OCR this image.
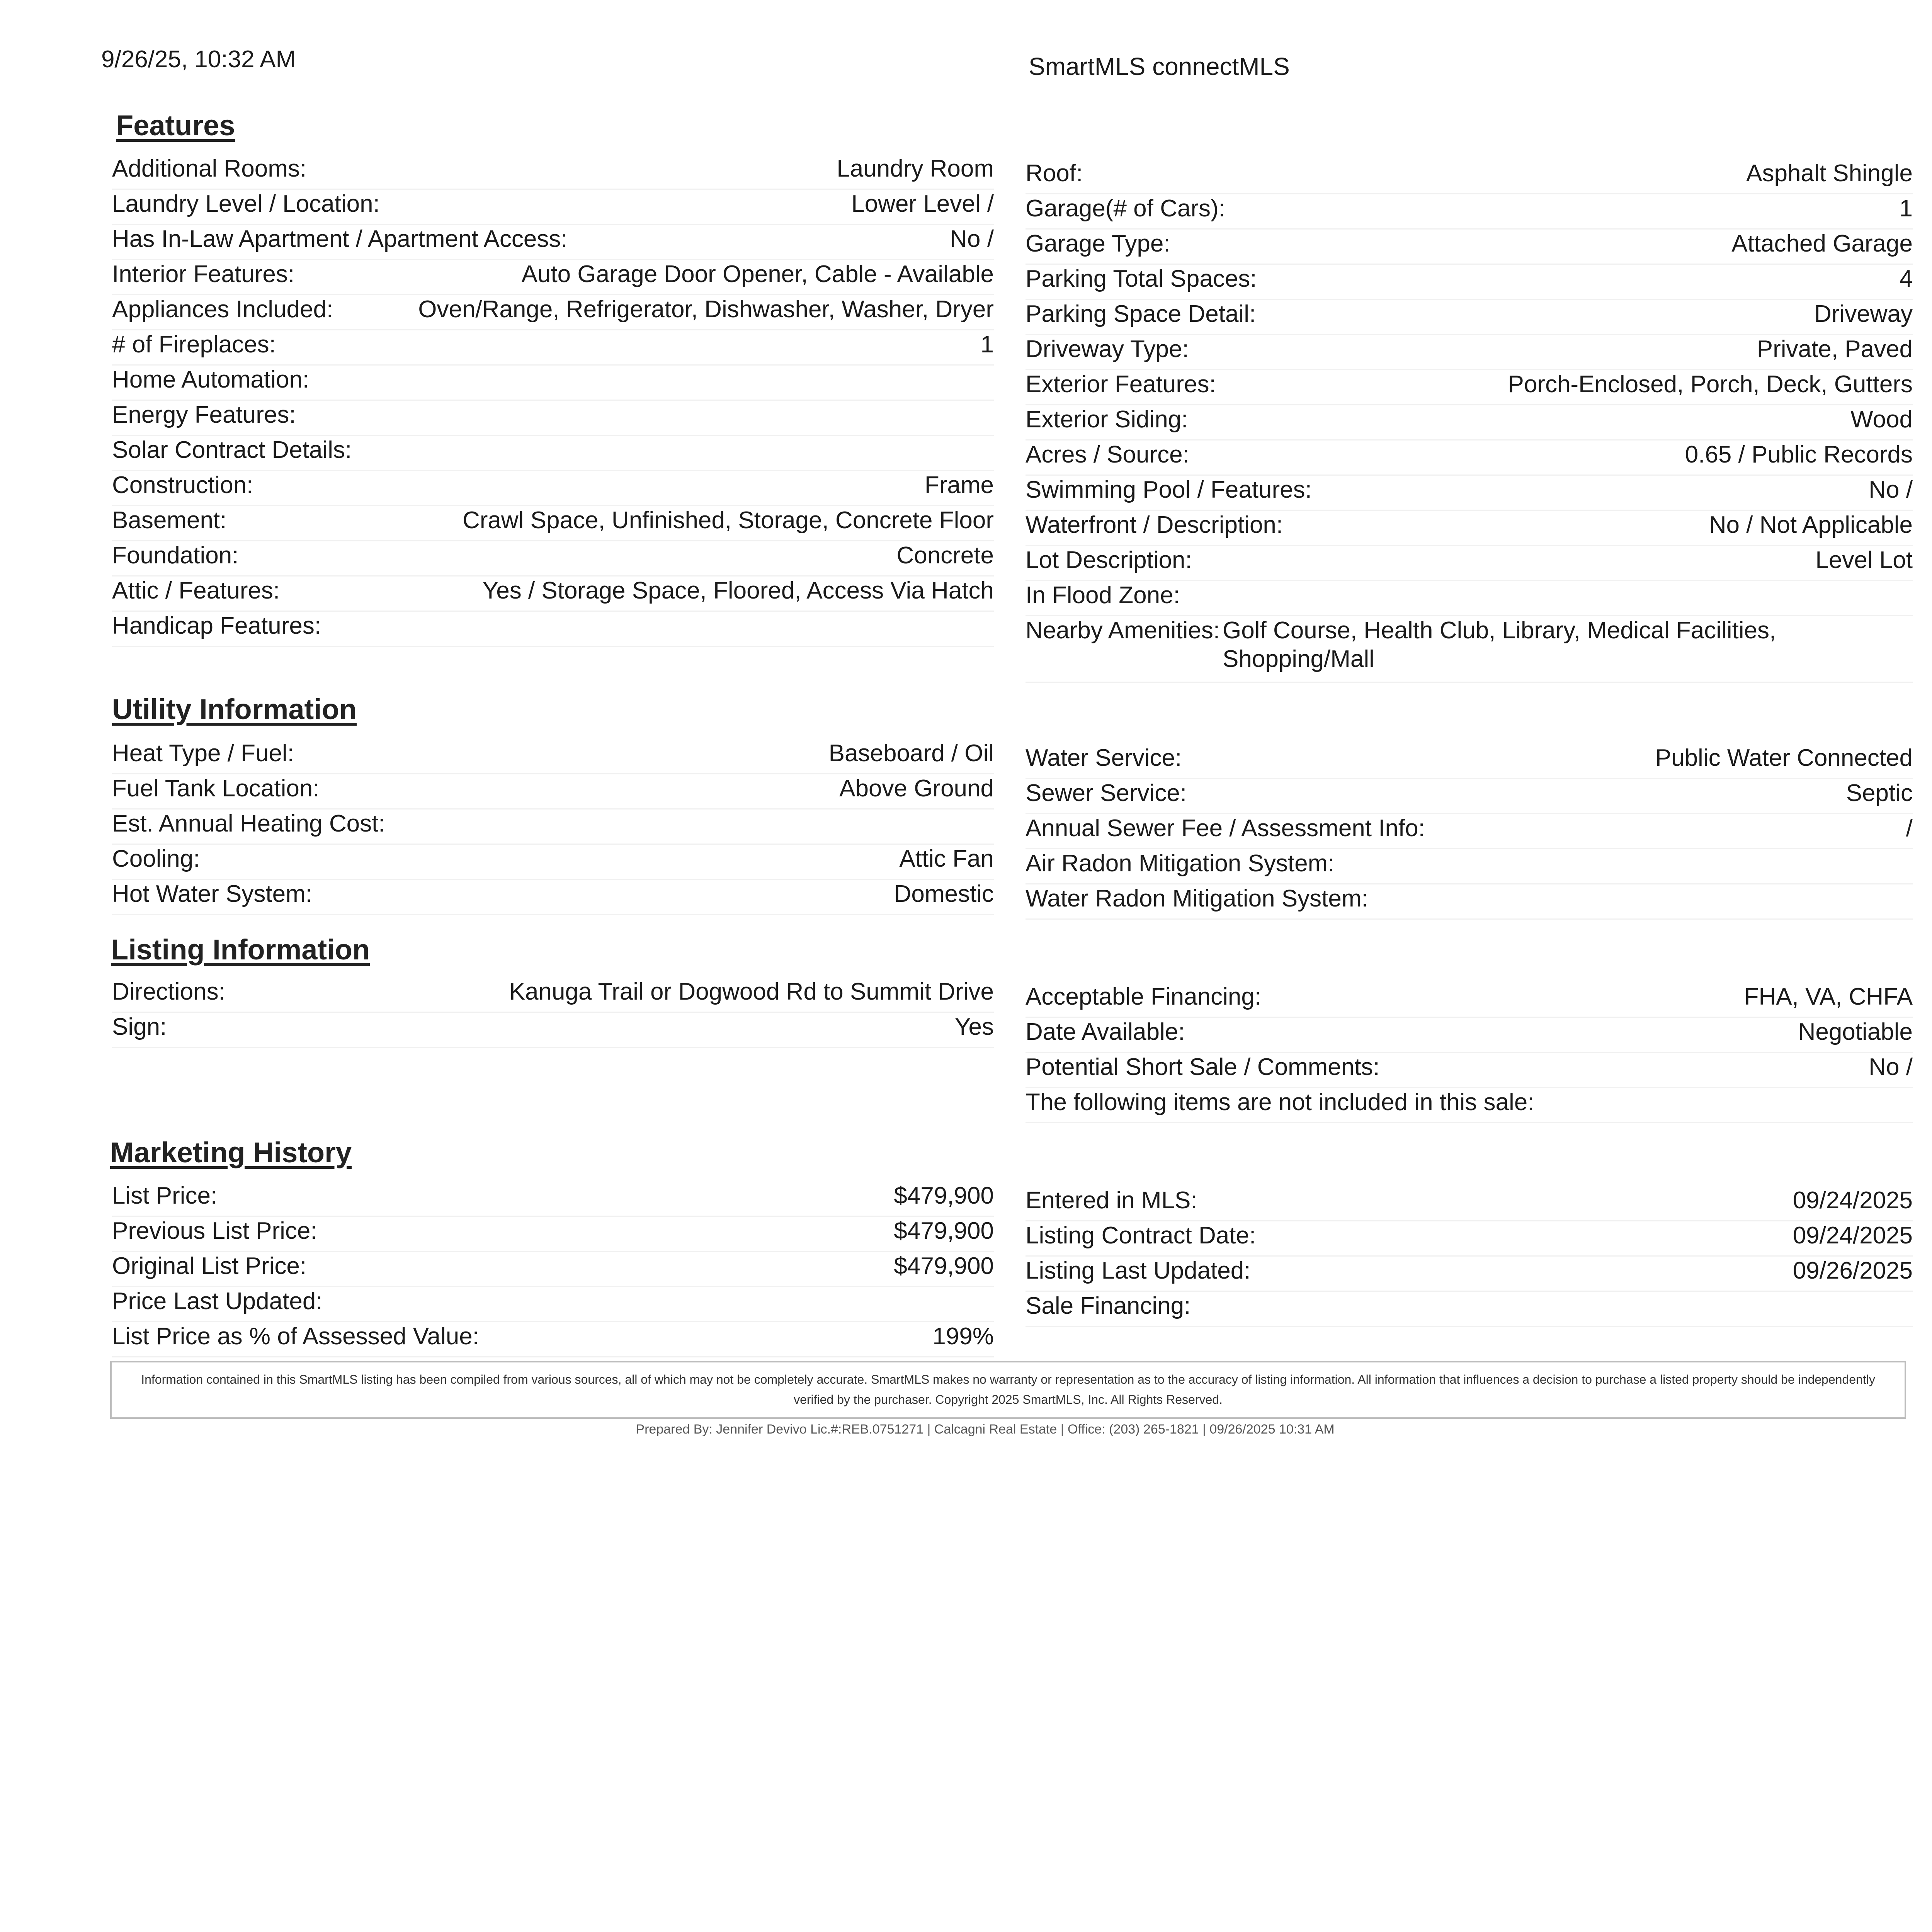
9/26/25, 10:32 AM	SmartMLS connectMLS
Features
Additional Rooms:	Laundry Room
Laundry Level / Location:	Lower Level /
Has In-Law Apartment / Apartment Access:	No /
Interior Features:	Auto Garage Door Opener, Cable - Available
Appliances Included:	Oven/Range, Refrigerator, Dishwasher, Washer, Dryer
# of Fireplaces:	1
Home Automation:
Energy Features:
Solar Contract Details:
Construction:	Frame
Basement:	Crawl Space, Unfinished, Storage, Concrete Floor
Foundation:	Concrete
Attic / Features:	Yes / Storage Space, Floored, Access Via Hatch
Handicap Features:
Roof:	Asphalt Shingle
Garage(# of Cars):	1
Garage Type:	Attached Garage
Parking Total Spaces:	4
Parking Space Detail:	Driveway
Driveway Type:	Private, Paved
Exterior Features:	Porch-Enclosed, Porch, Deck, Gutters
Exterior Siding:	Wood
Acres / Source:	0.65 / Public Records
Swimming Pool / Features:	No /
Waterfront / Description:	No / Not Applicable
Lot Description:	Level Lot
In Flood Zone:
Nearby Amenities: Golf Course, Health Club, Library, Medical Facilities, Shopping/Mall
Utility Information
Heat Type / Fuel:	Baseboard / Oil
Fuel Tank Location:	Above Ground
Est. Annual Heating Cost:
Cooling:	Attic Fan
Hot Water System:	Domestic
Water Service:	Public Water Connected
Sewer Service:	Septic
Annual Sewer Fee / Assessment Info:	/
Air Radon Mitigation System:
Water Radon Mitigation System:
Listing Information
Directions:	Kanuga Trail or Dogwood Rd to Summit Drive
Sign:	Yes
Acceptable Financing:	FHA, VA, CHFA
Date Available:	Negotiable
Potential Short Sale / Comments:	No /
The following items are not included in this sale:
Marketing History
List Price:	$479,900
Previous List Price:	$479,900
Original List Price:	$479,900
Price Last Updated:
List Price as % of Assessed Value:	199%
Entered in MLS:	09/24/2025
Listing Contract Date:	09/24/2025
Listing Last Updated:	09/26/2025
Sale Financing:
Information contained in this SmartMLS listing has been compiled from various sources, all of which may not be completely accurate. SmartMLS makes no warranty or representation as to the accuracy of listing information. All information that influences a decision to purchase a listed property should be independently verified by the purchaser. Copyright 2025 SmartMLS, Inc. All Rights Reserved.
Prepared By: Jennifer Devivo Lic.#:REB.0751271 | Calcagni Real Estate | Office: (203) 265-1821 | 09/26/2025 10:31 AM
